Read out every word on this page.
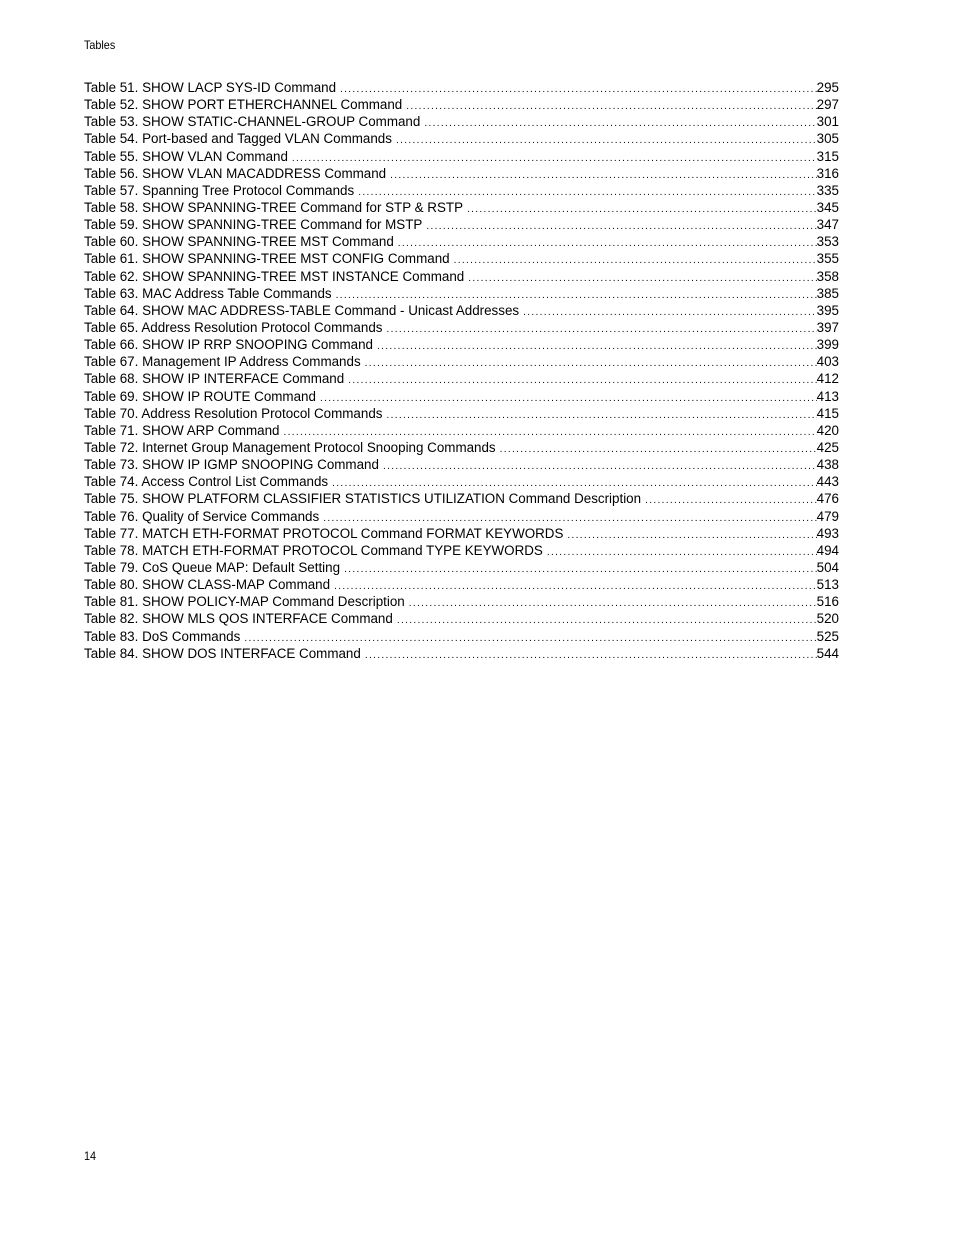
Tables
Table 51. SHOW LACP SYS-ID Command .....	295
Table 52. SHOW PORT ETHERCHANNEL Command .....	297
Table 53. SHOW STATIC-CHANNEL-GROUP Command .....	301
Table 54. Port-based and Tagged VLAN Commands .....	305
Table 55. SHOW VLAN Command .....	315
Table 56. SHOW VLAN MACADDRESS Command .....	316
Table 57. Spanning Tree Protocol Commands .....	335
Table 58. SHOW SPANNING-TREE Command for STP & RSTP .....	345
Table 59. SHOW SPANNING-TREE Command for MSTP .....	347
Table 60. SHOW SPANNING-TREE MST Command .....	353
Table 61. SHOW SPANNING-TREE MST CONFIG Command .....	355
Table 62. SHOW SPANNING-TREE MST INSTANCE Command .....	358
Table 63. MAC Address Table Commands .....	385
Table 64. SHOW MAC ADDRESS-TABLE Command - Unicast Addresses .....	395
Table 65. Address Resolution Protocol Commands .....	397
Table 66. SHOW IP RRP SNOOPING Command .....	399
Table 67. Management IP Address Commands .....	403
Table 68. SHOW IP INTERFACE Command .....	412
Table 69. SHOW IP ROUTE Command .....	413
Table 70. Address Resolution Protocol Commands .....	415
Table 71. SHOW ARP Command .....	420
Table 72. Internet Group Management Protocol Snooping Commands .....	425
Table 73. SHOW IP IGMP SNOOPING Command .....	438
Table 74. Access Control List Commands .....	443
Table 75. SHOW PLATFORM CLASSIFIER STATISTICS UTILIZATION Command Description .....	476
Table 76. Quality of Service Commands .....	479
Table 77. MATCH ETH-FORMAT PROTOCOL Command FORMAT KEYWORDS .....	493
Table 78. MATCH ETH-FORMAT PROTOCOL Command TYPE KEYWORDS .....	494
Table 79. CoS Queue MAP: Default Setting .....	504
Table 80. SHOW CLASS-MAP Command .....	513
Table 81. SHOW POLICY-MAP Command Description .....	516
Table 82. SHOW MLS QOS INTERFACE Command .....	520
Table 83. DoS Commands .....	525
Table 84. SHOW DOS INTERFACE Command .....	544
14
